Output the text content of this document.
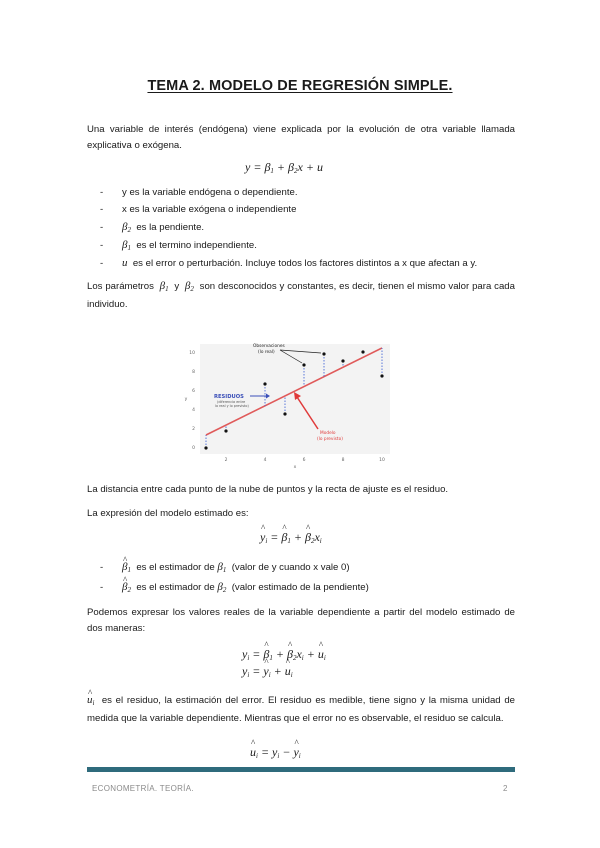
TEMA 2. MODELO DE REGRESIÓN SIMPLE.
Una variable de interés (endógena) viene explicada por la evolución de otra variable llamada explicativa o exógena.
$y = \beta_1 + \beta_2x + u$
- y es la variable endógena o dependiente.
- x es la variable exógena o independiente
- $\beta_2$ es la pendiente.
- $\beta_1$ es el termino independiente.
- u es el error o perturbación. Incluye todos los factores distintos a x que afectan a y.
Los parámetros $\beta_1$ y $\beta_2$ son desconocidos y constantes, es decir, tienen el mismo valor para cada individuo.
10
8
6
4
2
0
2	4	6	8	10
x
y
Observaciones
(lo real)
RESIDUOS
(diferencia entre
lo real y lo previsto)
Modelo
(lo previsto)
La distancia entre cada punto de la nube de puntos y la recta de ajuste es el residuo.
La expresión del modelo estimado es:
^ $y_i$ = ^ $\beta_1$ + ^ $\beta_2x_i$
- ^ $\beta_1$ es el estimador de $\beta_1$ (valor de y cuando x vale 0)
- ^ $\beta_2$ es el estimador de $\beta_2$ (valor estimado de la pendiente)
Podemos expresar los valores reales de la variable dependiente a partir del modelo estimado de dos maneras:
$y_i$ = ^ $\beta_1$ + ^ $\beta_2x_i$ + ^ $u_i$
$y_i$ = ^ $y_i$ + ^ $u_i$
^ $u_i$ es el residuo, la estimación del error. El residuo es medible, tiene signo y la misma unidad de medida que la variable dependiente. Mientras que el error no es observable, el residuo se calcula.
^ $u_i = y_i$ − ^ $y_i$
ECONOMETRÍA. TEORÍA.	2
